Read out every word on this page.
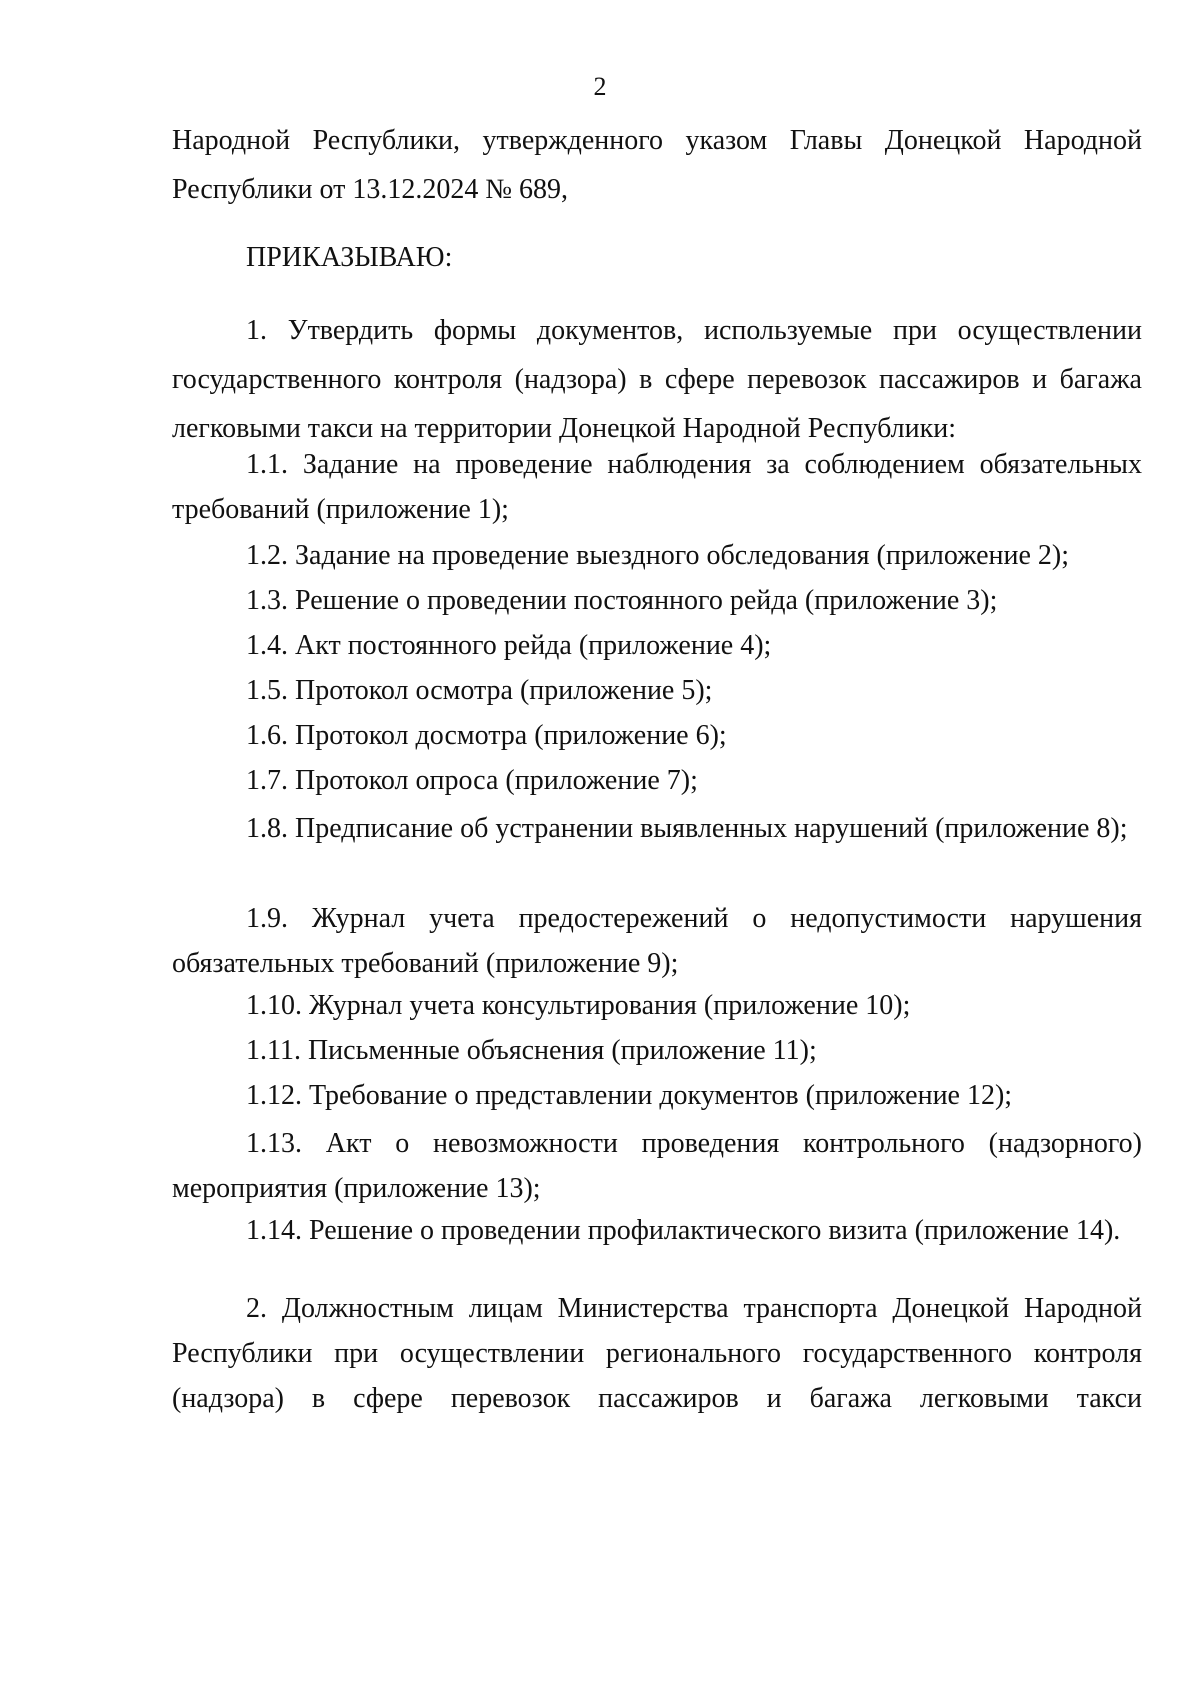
2

Народной Республики, утвержденного указом Главы Донецкой Народной Республики от 13.12.2024 № 689,

ПРИКАЗЫВАЮ:

1. Утвердить формы документов, используемые при осуществлении государственного контроля (надзора) в сфере перевозок пассажиров и багажа легковыми такси на территории Донецкой Народной Республики:

1.1. Задание на проведение наблюдения за соблюдением обязательных требований (приложение 1);

1.2. Задание на проведение выездного обследования (приложение 2);
1.3. Решение о проведении постоянного рейда (приложение 3);
1.4. Акт постоянного рейда (приложение 4);
1.5. Протокол осмотра (приложение 5);
1.6. Протокол досмотра (приложение 6);
1.7. Протокол опроса (приложение 7);

1.8. Предписание об устранении выявленных нарушений (приложение 8);

1.9. Журнал учета предостережений о недопустимости нарушения обязательных требований (приложение 9);

1.10. Журнал учета консультирования (приложение 10);
1.11. Письменные объяснения (приложение 11);
1.12. Требование о представлении документов (приложение 12);

1.13. Акт о невозможности проведения контрольного (надзорного) мероприятия (приложение 13);

1.14. Решение о проведении профилактического визита (приложение 14).

2. Должностным лицам Министерства транспорта Донецкой Народной Республики при осуществлении регионального государственного контроля (надзора) в сфере перевозок пассажиров и багажа легковыми такси
